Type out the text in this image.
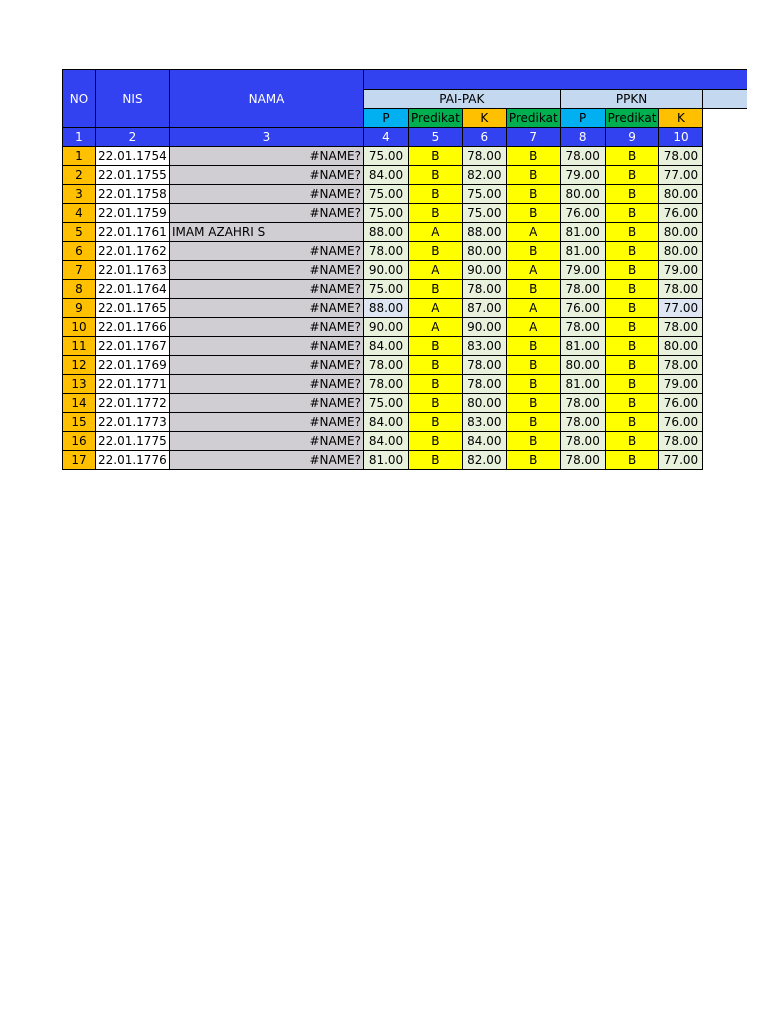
NO	NIS	NAMA								
			PAI-PAK				PPKN			
			P	Predikat	K	Predikat	P	Predikat	K	
1	2	3	4	5	6	7	8	9	10	
1	22.01.1754	#NAME?	75.00	B	78.00	B	78.00	B	78.00	
2	22.01.1755	#NAME?	84.00	B	82.00	B	79.00	B	77.00	
3	22.01.1758	#NAME?	75.00	B	75.00	B	80.00	B	80.00	
4	22.01.1759	#NAME?	75.00	B	75.00	B	76.00	B	76.00	
5	22.01.1761	IMAM AZAHRI S	88.00	A	88.00	A	81.00	B	80.00	
6	22.01.1762	#NAME?	78.00	B	80.00	B	81.00	B	80.00	
7	22.01.1763	#NAME?	90.00	A	90.00	A	79.00	B	79.00	
8	22.01.1764	#NAME?	75.00	B	78.00	B	78.00	B	78.00	
9	22.01.1765	#NAME?	88.00	A	87.00	A	76.00	B	77.00	
10	22.01.1766	#NAME?	90.00	A	90.00	A	78.00	B	78.00	
11	22.01.1767	#NAME?	84.00	B	83.00	B	81.00	B	80.00	
12	22.01.1769	#NAME?	78.00	B	78.00	B	80.00	B	78.00	
13	22.01.1771	#NAME?	78.00	B	78.00	B	81.00	B	79.00	
14	22.01.1772	#NAME?	75.00	B	80.00	B	78.00	B	76.00	
15	22.01.1773	#NAME?	84.00	B	83.00	B	78.00	B	76.00	
16	22.01.1775	#NAME?	84.00	B	84.00	B	78.00	B	78.00	
17	22.01.1776	#NAME?	81.00	B	82.00	B	78.00	B	77.00	
